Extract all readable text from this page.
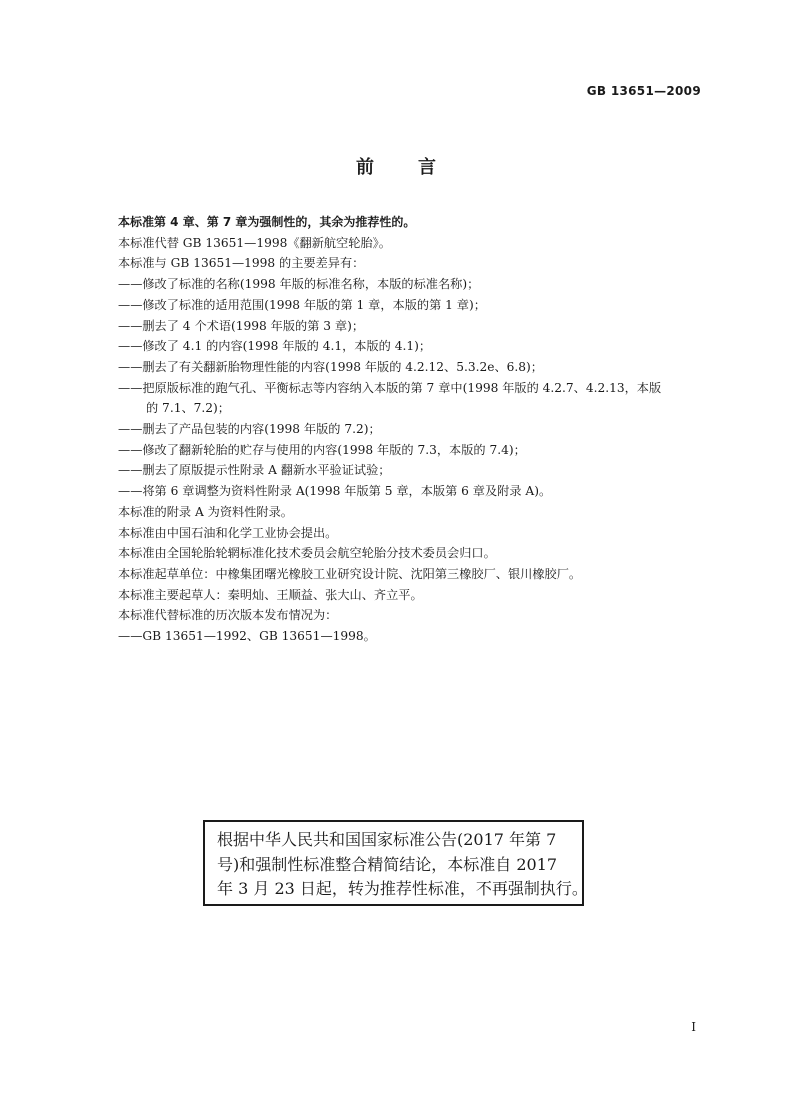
GB 13651—2009
前 言
本标准第 4 章、第 7 章为强制性的，其余为推荐性的。
本标准代替 GB 13651—1998《翻新航空轮胎》。
本标准与 GB 13651—1998 的主要差异有：
——修改了标准的名称(1998 年版的标准名称，本版的标准名称)；
——修改了标准的适用范围(1998 年版的第 1 章，本版的第 1 章)；
——删去了 4 个术语(1998 年版的第 3 章)；
——修改了 4.1 的内容(1998 年版的 4.1，本版的 4.1)；
——删去了有关翻新胎物理性能的内容(1998 年版的 4.2.12、5.3.2e、6.8)；
——把原版标准的跑气孔、平衡标志等内容纳入本版的第 7 章中(1998 年版的 4.2.7、4.2.13，本版
的 7.1、7.2)；
——删去了产品包装的内容(1998 年版的 7.2)；
——修改了翻新轮胎的贮存与使用的内容(1998 年版的 7.3，本版的 7.4)；
——删去了原版提示性附录 A 翻新水平验证试验；
——将第 6 章调整为资料性附录 A(1998 年版第 5 章，本版第 6 章及附录 A)。
本标准的附录 A 为资料性附录。
本标准由中国石油和化学工业协会提出。
本标准由全国轮胎轮辋标准化技术委员会航空轮胎分技术委员会归口。
本标准起草单位：中橡集团曙光橡胶工业研究设计院、沈阳第三橡胶厂、银川橡胶厂。
本标准主要起草人：秦明灿、王顺益、张大山、齐立平。
本标准代替标准的历次版本发布情况为：
——GB 13651—1992、GB 13651—1998。
根据中华人民共和国国家标准公告(2017 年第 7
号)和强制性标准整合精简结论，本标准自 2017
年 3 月 23 日起，转为推荐性标准，不再强制执行。
I
